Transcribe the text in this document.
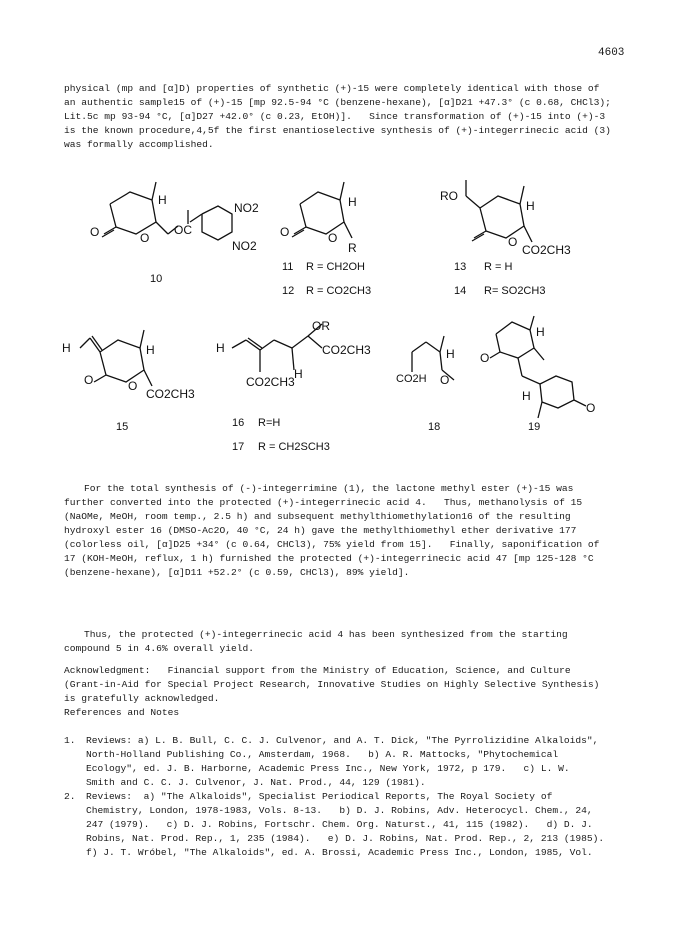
4603
physical (mp and [α]D) properties of synthetic (+)-15 were completely identical with those of
an authentic sample15 of (+)-15 [mp 92.5-94 °C (benzene-hexane), [α]D21 +47.3° (c 0.68, CHCl3);
Lit.5c mp 93-94 °C, [α]D27 +42.0° (c 0.23, EtOH)].   Since transformation of (+)-15 into (+)-3
is the known procedure,4,5f the first enantioselective synthesis of (+)-integerrinecic acid (3)
was formally accomplished.
O
H
O
OC
NO2
NO2
10
O
H
O
R
11 R = CH2OH
12 R = CO2CH3
RO
H
O
CO2CH3
13 R = H
14 R= SO2CH3
H	H
O	O
CO2CH3
15
H
OR
CO2CH3
H
CO2CH3
16 R=H
17 R = CH2SCH3
H
CO2H O
18
O
H
O
H
19
For the total synthesis of (-)-integerrimine (1), the lactone methyl ester (+)-15 was
further converted into the protected (+)-integerrinecic acid 4.   Thus, methanolysis of 15
(NaOMe, MeOH, room temp., 2.5 h) and subsequent methylthiomethylation16 of the resulting
hydroxyl ester 16 (DMSO-Ac2O, 40 °C, 24 h) gave the methylthiomethyl ether derivative 177
(colorless oil, [α]D25 +34° (c 0.64, CHCl3), 75% yield from 15].   Finally, saponification of
17 (KOH-MeOH, reflux, 1 h) furnished the protected (+)-integerrinecic acid 47 [mp 125-128 °C
(benzene-hexane), [α]D11 +52.2° (c 0.59, CHCl3), 89% yield].
Thus, the protected (+)-integerrinecic acid 4 has been synthesized from the starting
compound 5 in 4.6% overall yield.
Acknowledgment:   Financial support from the Ministry of Education, Science, and Culture
(Grant-in-Aid for Special Project Research, Innovative Studies on Highly Selective Synthesis)
is gratefully acknowledged.
References and Notes
1. Reviews: a) L. B. Bull, C. C. J. Culvenor, and A. T. Dick, "The Pyrrolizidine Alkaloids",
North-Holland Publishing Co., Amsterdam, 1968.   b) A. R. Mattocks, "Phytochemical
Ecology", ed. J. B. Harborne, Academic Press Inc., New York, 1972, p 179.   c) L. W.
Smith and C. C. J. Culvenor, J. Nat. Prod., 44, 129 (1981).
2. Reviews:  a) "The Alkaloids", Specialist Periodical Reports, The Royal Society of
Chemistry, London, 1978-1983, Vols. 8-13.   b) D. J. Robins, Adv. Heterocycl. Chem., 24,
247 (1979).   c) D. J. Robins, Fortschr. Chem. Org. Naturst., 41, 115 (1982).   d) D. J.
Robins, Nat. Prod. Rep., 1, 235 (1984).   e) D. J. Robins, Nat. Prod. Rep., 2, 213 (1985).
f) J. T. Wróbel, "The Alkaloids", ed. A. Brossi, Academic Press Inc., London, 1985, Vol.
